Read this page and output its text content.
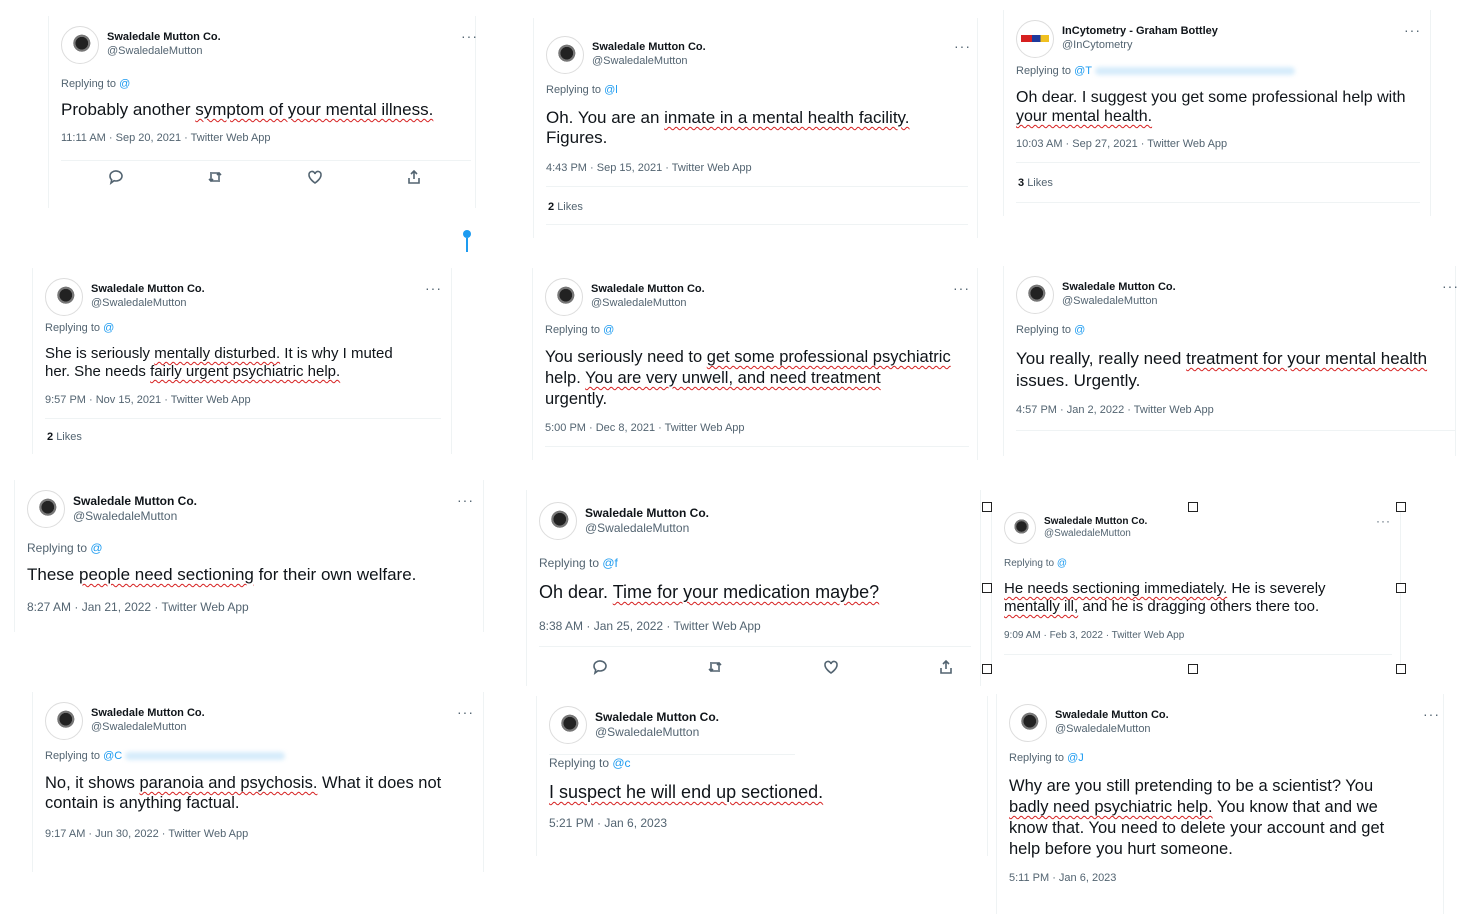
Swaledale Mutton Co.
@SwaledaleMutton
···
Replying to @
Probably another symptom of your mental illness.
11:11 AM · Sep 20, 2021 · Twitter Web App
Swaledale Mutton Co.
@SwaledaleMutton
···
Replying to @l
Oh. You are an inmate in a mental health facility.
Figures.
4:43 PM · Sep 15, 2021 · Twitter Web App
2 Likes
InCytometry - Graham Bottley
@InCytometry
···
Replying to @T
Oh dear. I suggest you get some professional help with
your mental health.
10:03 AM · Sep 27, 2021 · Twitter Web App
3 Likes
Swaledale Mutton Co.
@SwaledaleMutton
···
Replying to @
She is seriously mentally disturbed. It is why I muted
her. She needs fairly urgent psychiatric help.
9:57 PM · Nov 15, 2021 · Twitter Web App
2 Likes
Swaledale Mutton Co.
@SwaledaleMutton
···
Replying to @
You seriously need to get some professional psychiatric
help. You are very unwell, and need treatment
urgently.
5:00 PM · Dec 8, 2021 · Twitter Web App
Swaledale Mutton Co.
@SwaledaleMutton
···
Replying to @
You really, really need treatment for your mental health
issues. Urgently.
4:57 PM · Jan 2, 2022 · Twitter Web App
Swaledale Mutton Co.
@SwaledaleMutton
···
Replying to @
These people need sectioning for their own welfare.
8:27 AM · Jan 21, 2022 · Twitter Web App
Swaledale Mutton Co.
@SwaledaleMutton
Replying to @f
Oh dear. Time for your medication maybe?
8:38 AM · Jan 25, 2022 · Twitter Web App
Swaledale Mutton Co.
@SwaledaleMutton
···
Replying to @
He needs sectioning immediately. He is severely
mentally ill, and he is dragging others there too.
9:09 AM · Feb 3, 2022 · Twitter Web App
Swaledale Mutton Co.
@SwaledaleMutton
···
Replying to @C
No, it shows paranoia and psychosis. What it does not
contain is anything factual.
9:17 AM · Jun 30, 2022 · Twitter Web App
Swaledale Mutton Co.
@SwaledaleMutton
Replying to @c
I suspect he will end up sectioned.
5:21 PM · Jan 6, 2023
Swaledale Mutton Co.
@SwaledaleMutton
···
Replying to @J
Why are you still pretending to be a scientist? You
badly need psychiatric help. You know that and we
know that. You need to delete your account and get
help before you hurt someone.
5:11 PM · Jan 6, 2023
